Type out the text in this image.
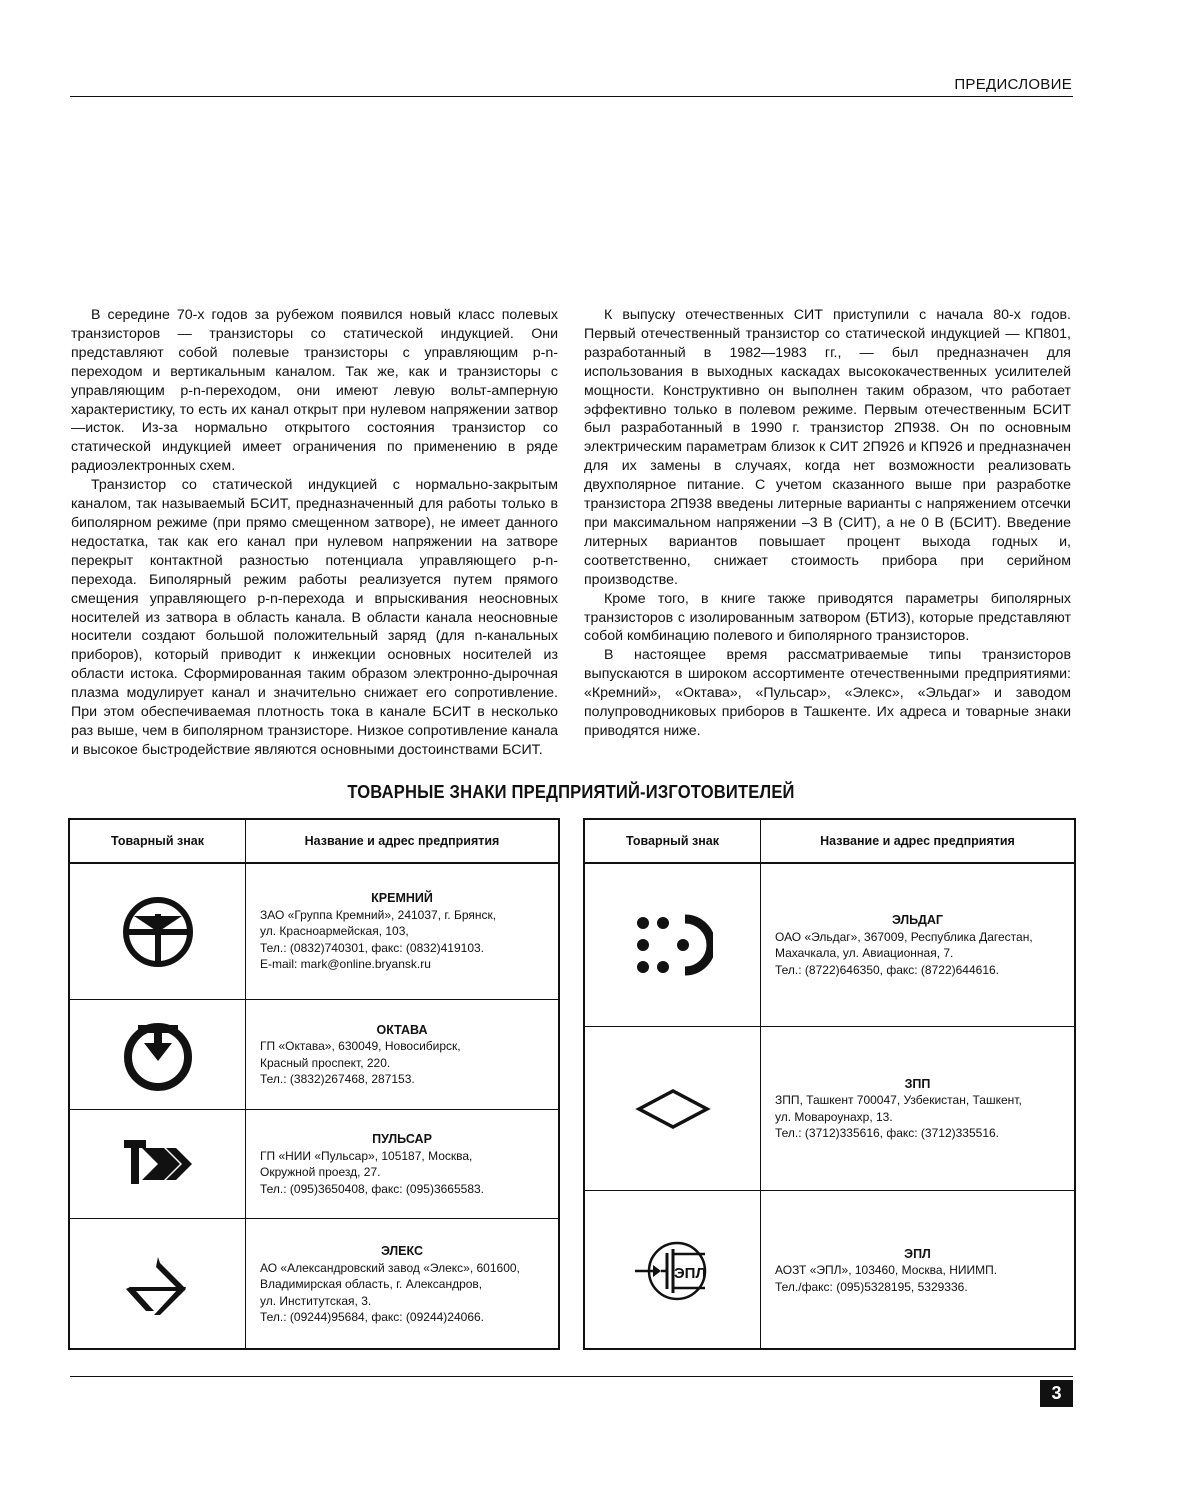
ПРЕДИСЛОВИЕ

В середине 70-х годов за рубежом появился новый класс полевых транзисторов — транзисторы со статической индукцией. Они представляют собой полевые транзисторы с управляющим p-n-переходом и вертикальным каналом. Так же, как и транзисторы с управляющим p-n-переходом, они имеют левую вольт-амперную характеристику, то есть их канал открыт при нулевом напряжении затвор—исток. Из-за нормально открытого состояния транзистор со статической индукцией имеет ограничения по применению в ряде радиоэлектронных схем.

Транзистор со статической индукцией с нормально-закрытым каналом, так называемый БСИТ, предназначенный для работы только в биполярном режиме (при прямо смещенном затворе), не имеет данного недостатка, так как его канал при нулевом напряжении на затворе перекрыт контактной разностью потенциала управляющего p-n-перехода. Биполярный режим работы реализуется путем прямого смещения управляющего p-n-перехода и впрыскивания неосновных носителей из затвора в область канала. В области канала неосновные носители создают большой положительный заряд (для n-канальных приборов), который приводит к инжекции основных носителей из области истока. Сформированная таким образом электронно-дырочная плазма модулирует канал и значительно снижает его сопротивление. При этом обеспечиваемая плотность тока в канале БСИТ в несколько раз выше, чем в биполярном транзисторе. Низкое сопротивление канала и высокое быстродействие являются основными достоинствами БСИТ.

К выпуску отечественных СИТ приступили с начала 80-х годов. Первый отечественный транзистор со статической индукцией — КП801, разработанный в 1982—1983 гг., — был предназначен для использования в выходных каскадах высококачественных усилителей мощности. Конструктивно он выполнен таким образом, что работает эффективно только в полевом режиме. Первым отечественным БСИТ был разработанный в 1990 г. транзистор 2П938. Он по основным электрическим параметрам близок к СИТ 2П926 и КП926 и предназначен для их замены в случаях, когда нет возможности реализовать двухполярное питание. С учетом сказанного выше при разработке транзистора 2П938 введены литерные варианты с напряжением отсечки при максимальном напряжении –3 В (СИТ), а не 0 В (БСИТ). Введение литерных вариантов повышает процент выхода годных и, соответственно, снижает стоимость прибора при серийном производстве.

Кроме того, в книге также приводятся параметры биполярных транзисторов с изолированным затвором (БТИЗ), которые представляют собой комбинацию полевого и биполярного транзисторов.

В настоящее время рассматриваемые типы транзисторов выпускаются в широком ассортименте отечественными предприятиями: «Кремний», «Октава», «Пульсар», «Элекс», «Эльдаг» и заводом полупроводниковых приборов в Ташкенте. Их адреса и товарные знаки приводятся ниже.

ТОВАРНЫЕ ЗНАКИ ПРЕДПРИЯТИЙ-ИЗГОТОВИТЕЛЕЙ
Товарный знак	Название и адрес предприятия
КРЕМНИЙ
ЗАО «Группа Кремний», 241037, г. Брянск,
ул. Красноармейская, 103,
Тел.: (0832)740301, факс: (0832)419103.
E-mail: mark@online.bryansk.ru
ОКТАВА
ГП «Октава», 630049, Новосибирск,
Красный проспект, 220.
Тел.: (3832)267468, 287153.
ПУЛЬСАР
ГП «НИИ «Пульсар», 105187, Москва,
Окружной проезд, 27.
Тел.: (095)3650408, факс: (095)3665583.
ЭЛЕКС
АО «Александровский завод «Элекс», 601600,
Владимирская область, г. Александров,
ул. Институтская, 3.
Тел.: (09244)95684, факс: (09244)24066.
Товарный знак	Название и адрес предприятия
ЭЛЬДАГ
ОАО «Эльдаг», 367009, Республика Дагестан,
Махачкала, ул. Авиационная, 7.
Тел.: (8722)646350, факс: (8722)644616.
ЗПП
ЗПП, Ташкент 700047, Узбекистан, Ташкент,
ул. Мовароунахр, 13.
Тел.: (3712)335616, факс: (3712)335516.
ЭПЛ
ЭПЛ
АОЗТ «ЭПЛ», 103460, Москва, НИИМП.
Тел./факс: (095)5328195, 5329336.
3
